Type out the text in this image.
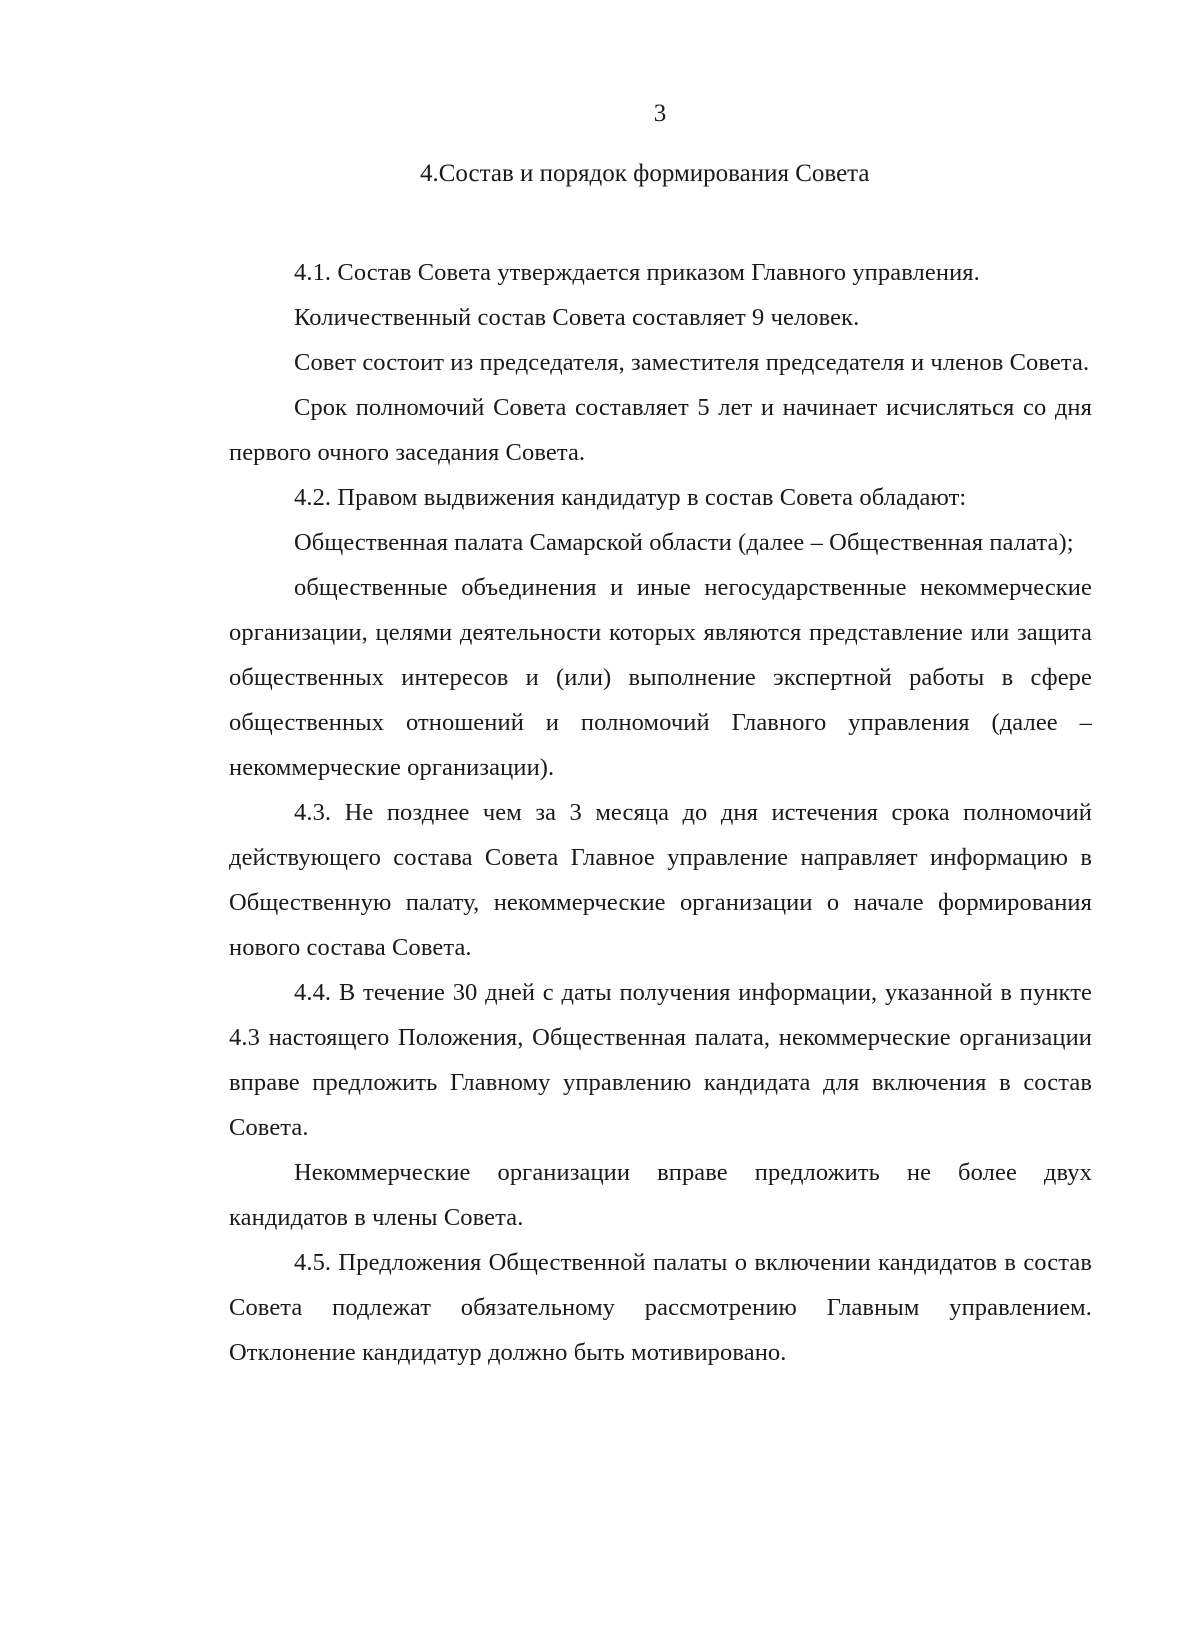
3
4.Состав и порядок формирования Совета

4.1. Состав Совета утверждается приказом Главного управления.

Количественный состав Совета составляет 9 человек.

Совет состоит из председателя, заместителя председателя и членов Совета.

Срок полномочий Совета составляет 5 лет и начинает исчисляться со дня первого очного заседания Совета.

4.2. Правом выдвижения кандидатур в состав Совета обладают:

Общественная палата Самарской области (далее – Общественная палата);

общественные объединения и иные негосударственные некоммерческие организации, целями деятельности которых являются представление или защита общественных интересов и (или) выполнение экспертной работы в сфере общественных отношений и полномочий Главного управления (далее – некоммерческие организации).

4.3. Не позднее чем за 3 месяца до дня истечения срока полномочий действующего состава Совета Главное управление направляет информацию в Общественную палату, некоммерческие организации о начале формирования нового состава Совета.

4.4. В течение 30 дней с даты получения информации, указанной в пункте 4.3 настоящего Положения, Общественная палата, некоммерческие организации вправе предложить Главному управлению кандидата для включения в состав Совета.

Некоммерческие организации вправе предложить не более двух кандидатов в члены Совета.

4.5. Предложения Общественной палаты о включении кандидатов в состав Совета подлежат обязательному рассмотрению Главным управлением. Отклонение кандидатур должно быть мотивировано.
